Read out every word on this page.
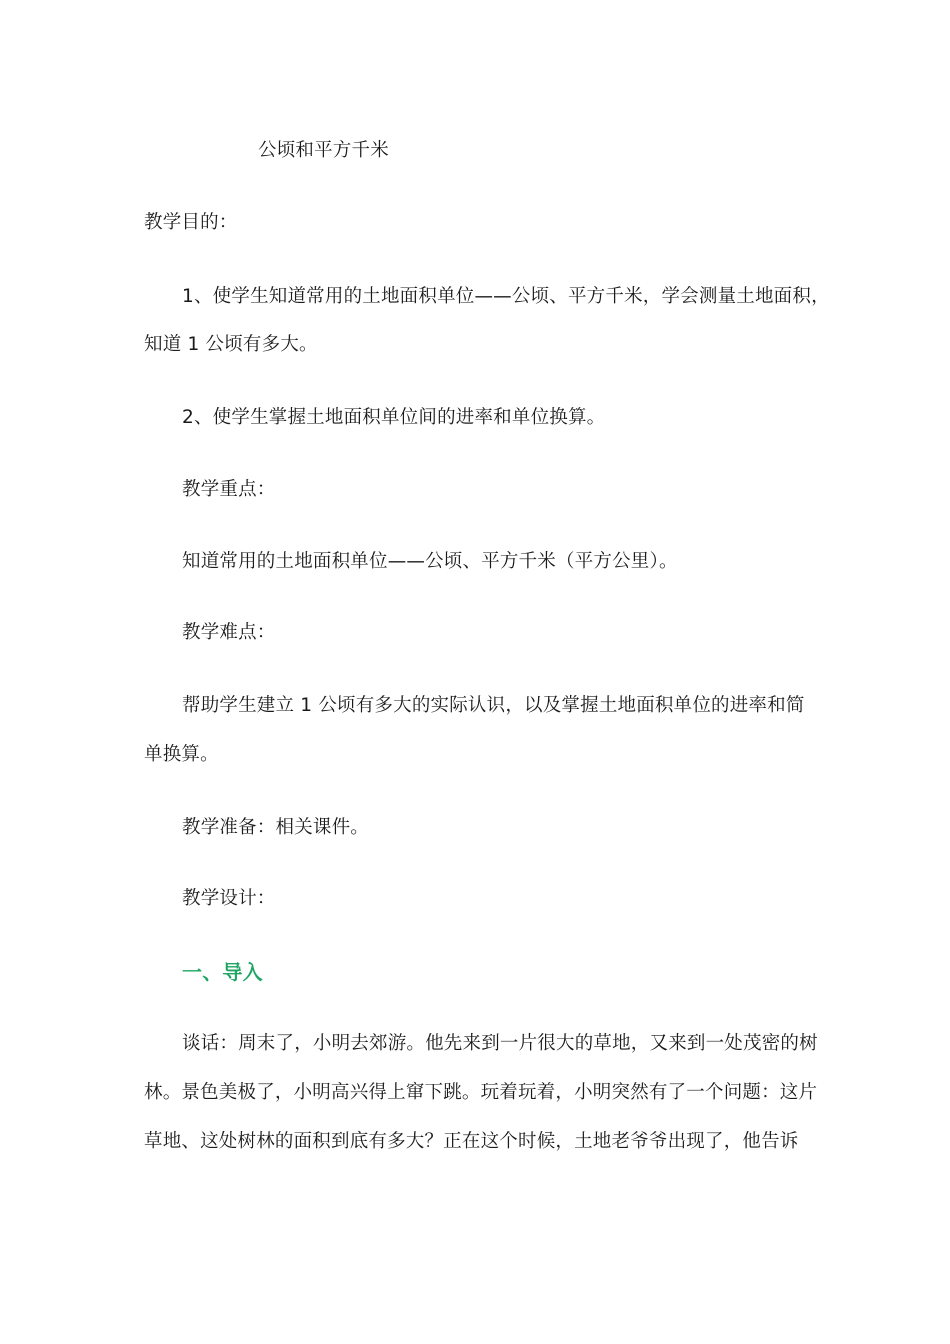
公顷和平方千米
教学目的：
1、使学生知道常用的土地面积单位——公顷、平方千米，学会测量土地面积，
知道 1 公顷有多大。
2、使学生掌握土地面积单位间的进率和单位换算。
教学重点：
知道常用的土地面积单位——公顷、平方千米（平方公里）。
教学难点：
帮助学生建立 1 公顷有多大的实际认识，以及掌握土地面积单位的进率和简
单换算。
教学准备：相关课件。
教学设计：
一、导入
谈话：周末了，小明去郊游。他先来到一片很大的草地，又来到一处茂密的树
林。景色美极了，小明高兴得上窜下跳。玩着玩着，小明突然有了一个问题：这片
草地、这处树林的面积到底有多大？正在这个时候，土地老爷爷出现了，他告诉
